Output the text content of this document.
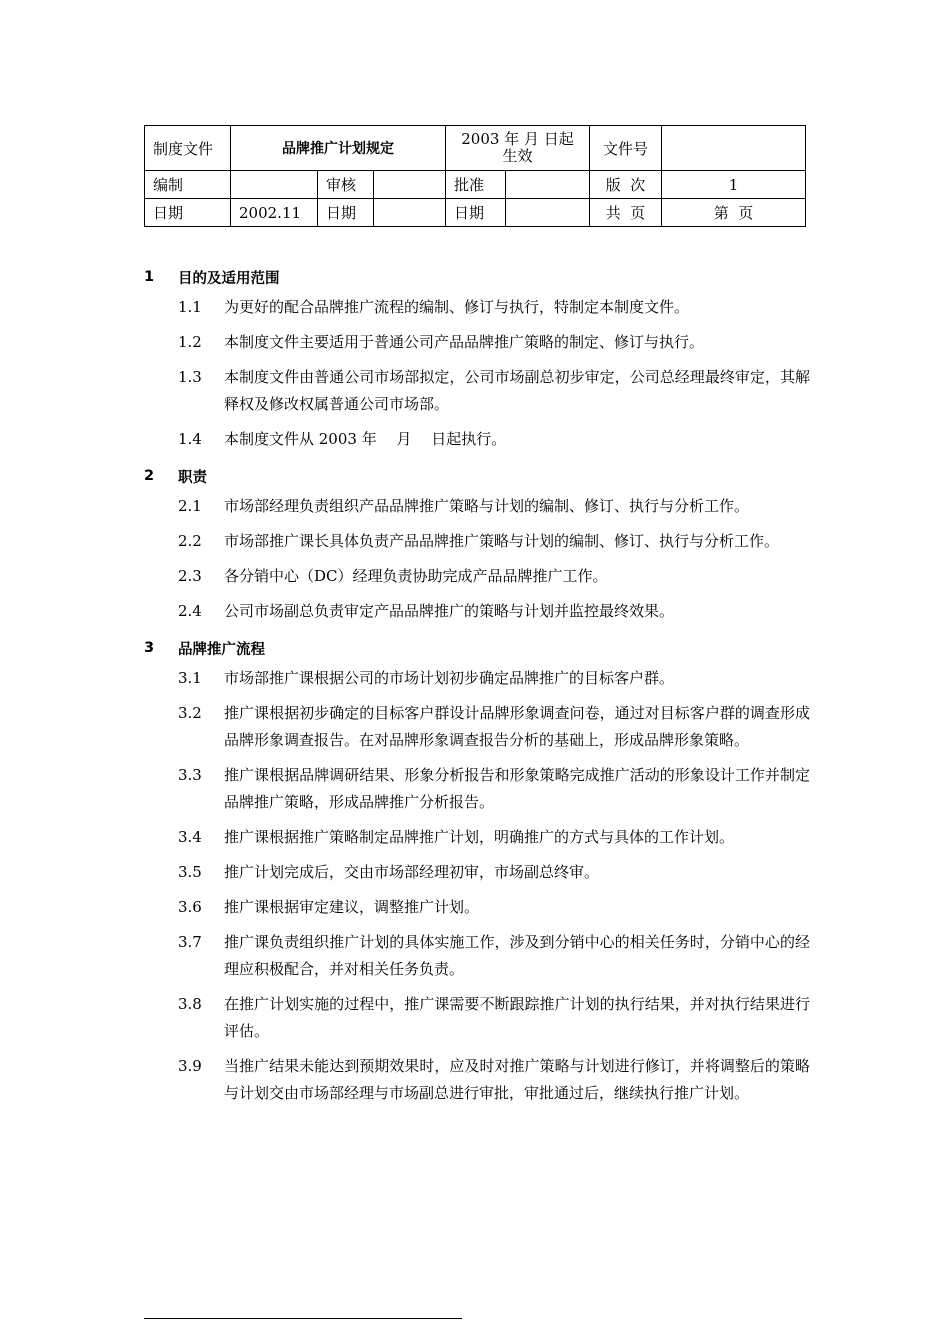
制度文件	品牌推广计划规定			2003 年 月 日起生效		文件号	
编制		审核		批准		版  次	1
日期	2002.11	日期		日期		共  页	第  页
1	目的及适用范围
1.1	为更好的配合品牌推广流程的编制、修订与执行，特制定本制度文件。
1.2	本制度文件主要适用于普通公司产品品牌推广策略的制定、修订与执行。
1.3	本制度文件由普通公司市场部拟定，公司市场副总初步审定，公司总经理最终审定，其解释权及修改权属普通公司市场部。
1.4	本制度文件从 2003 年　 月　 日起执行。
2	职责
2.1	市场部经理负责组织产品品牌推广策略与计划的编制、修订、执行与分析工作。
2.2	市场部推广课长具体负责产品品牌推广策略与计划的编制、修订、执行与分析工作。
2.3	各分销中心（DC）经理负责协助完成产品品牌推广工作。
2.4	公司市场副总负责审定产品品牌推广的策略与计划并监控最终效果。
3	品牌推广流程
3.1	市场部推广课根据公司的市场计划初步确定品牌推广的目标客户群。
3.2	推广课根据初步确定的目标客户群设计品牌形象调查问卷，通过对目标客户群的调查形成品牌形象调查报告。在对品牌形象调查报告分析的基础上，形成品牌形象策略。
3.3	推广课根据品牌调研结果、形象分析报告和形象策略完成推广活动的形象设计工作并制定品牌推广策略，形成品牌推广分析报告。
3.4	推广课根据推广策略制定品牌推广计划，明确推广的方式与具体的工作计划。
3.5	推广计划完成后，交由市场部经理初审，市场副总终审。
3.6	推广课根据审定建议，调整推广计划。
3.7	推广课负责组织推广计划的具体实施工作，涉及到分销中心的相关任务时，分销中心的经理应积极配合，并对相关任务负责。
3.8	在推广计划实施的过程中，推广课需要不断跟踪推广计划的执行结果，并对执行结果进行评估。
3.9	当推广结果未能达到预期效果时，应及时对推广策略与计划进行修订，并将调整后的策略与计划交由市场部经理与市场副总进行审批，审批通过后，继续执行推广计划。
